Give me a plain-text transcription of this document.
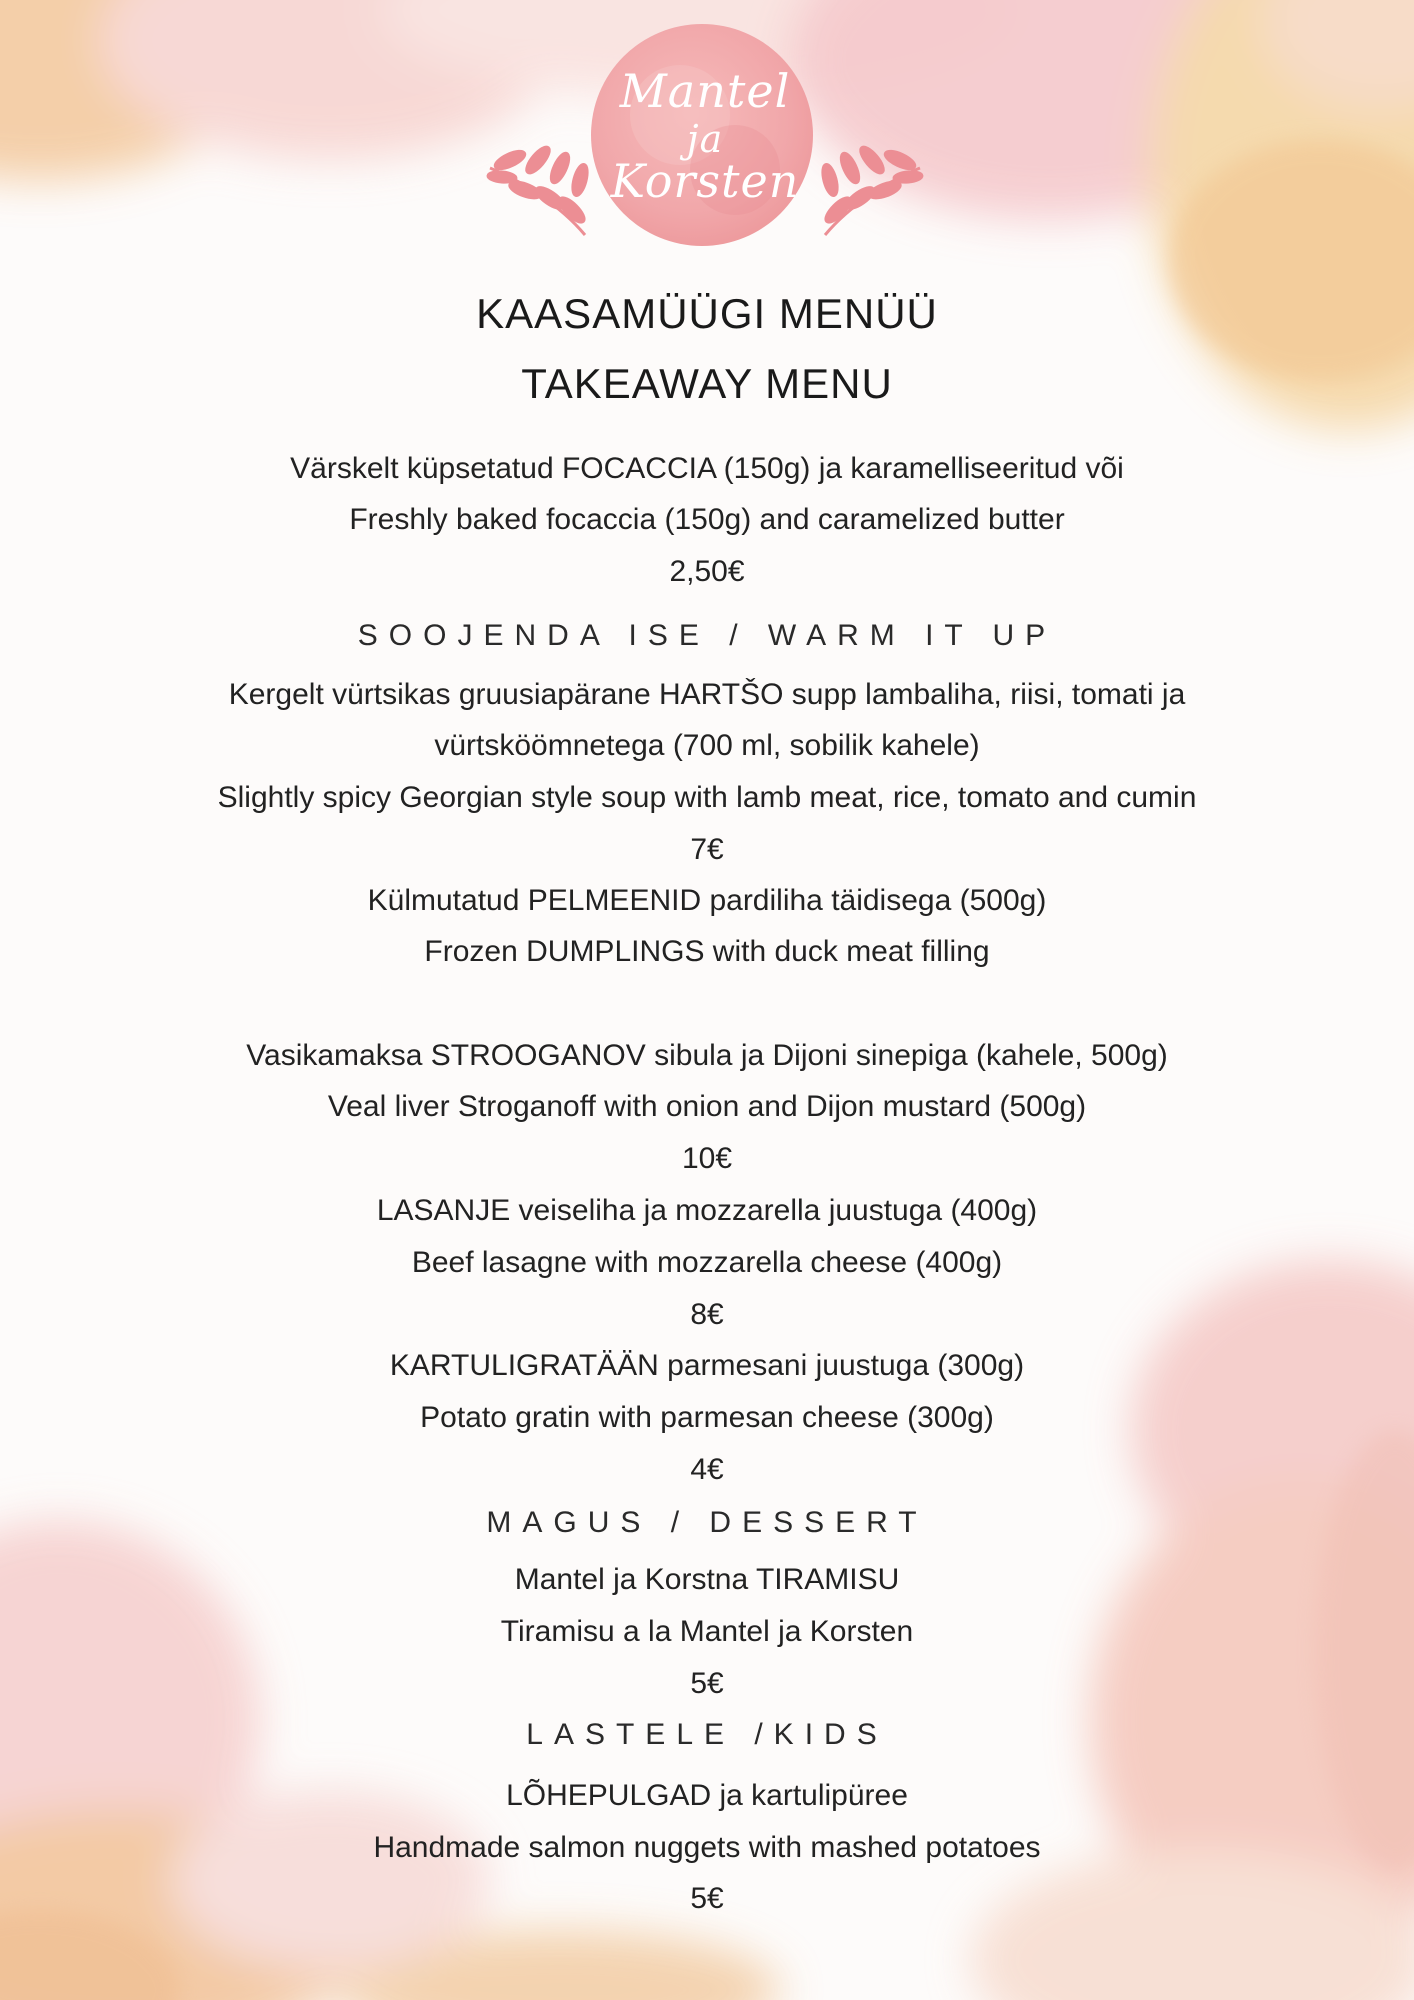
Mantel
ja
Korsten
KAASAMÜÜGI MENÜÜ
TAKEAWAY MENU
Värskelt küpsetatud FOCACCIA (150g) ja karamelliseeritud või
Freshly baked focaccia (150g) and caramelized butter
2,50€
SOOJENDA ISE / WARM IT UP
Kergelt vürtsikas gruusiapärane HARTŠO supp lambaliha, riisi, tomati ja
vürtsköömnetega (700 ml, sobilik kahele)
Slightly spicy Georgian style soup with lamb meat, rice, tomato and cumin
7€
Külmutatud PELMEENID pardiliha täidisega (500g)
Frozen DUMPLINGS with duck meat filling
Vasikamaksa STROOGANOV sibula ja Dijoni sinepiga (kahele, 500g)
Veal liver Stroganoff with onion and Dijon mustard (500g)
10€
LASANJE veiseliha ja mozzarella juustuga (400g)
Beef lasagne with mozzarella cheese (400g)
8€
KARTULIGRATÄÄN parmesani juustuga (300g)
Potato gratin with parmesan cheese (300g)
4€
MAGUS / DESSERT
Mantel ja Korstna TIRAMISU
Tiramisu a la Mantel ja Korsten
5€
LASTELE /KIDS
LÕHEPULGAD ja kartulipüree
Handmade salmon nuggets with mashed potatoes
5€
